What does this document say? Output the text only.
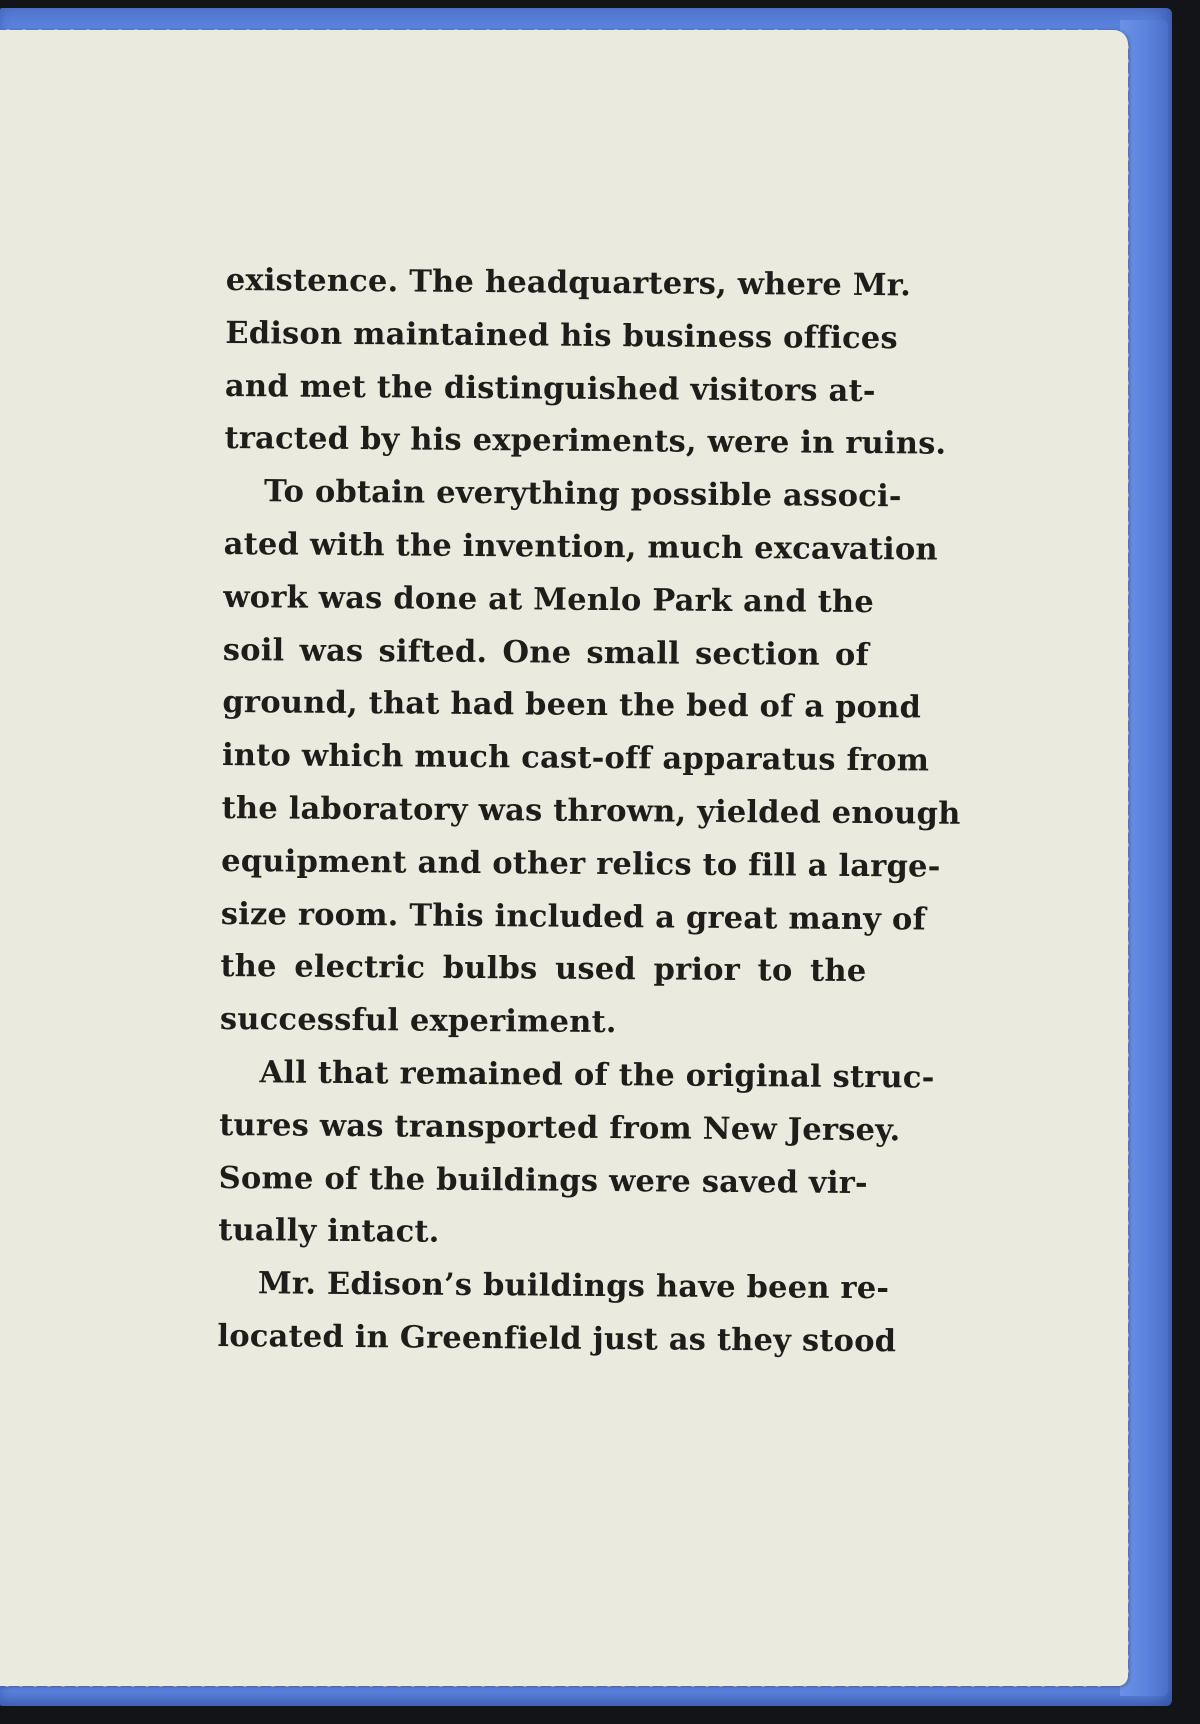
existence. The headquarters, where Mr.
Edison maintained his business offices
and met the distinguished visitors at-
tracted by his experiments, were in ruins.
To obtain everything possible associ-
ated with the invention, much excavation
work was done at Menlo Park and the
soil was sifted. One small section of
ground, that had been the bed of a pond
into which much cast-off apparatus from
the laboratory was thrown, yielded enough
equipment and other relics to fill a large-
size room. This included a great many of
the electric bulbs used prior to the
successful experiment.
All that remained of the original struc-
tures was transported from New Jersey.
Some of the buildings were saved vir-
tually intact.
Mr. Edison’s buildings have been re-
located in Greenfield just as they stood
